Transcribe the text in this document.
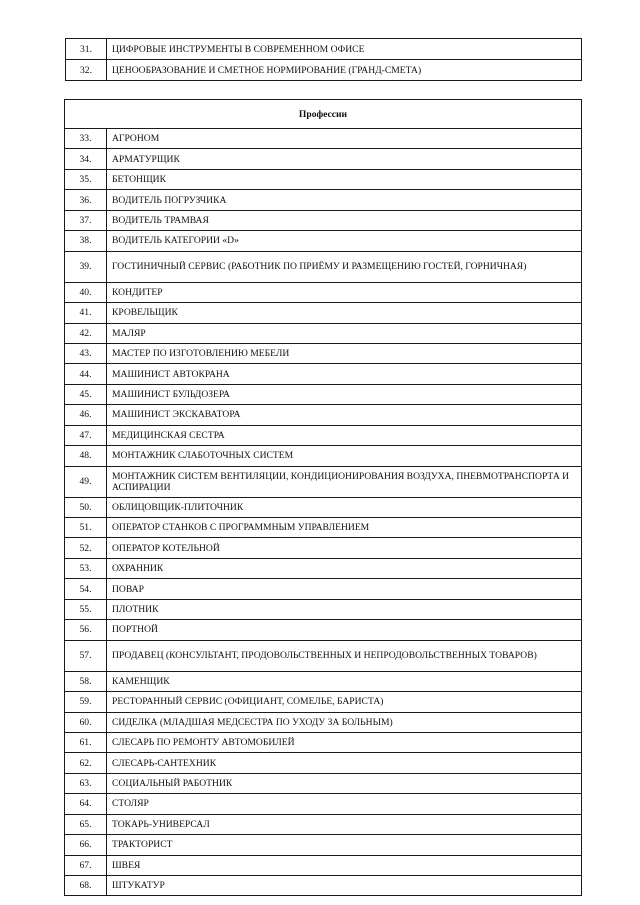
31.	ЦИФРОВЫЕ ИНСТРУМЕНТЫ В СОВРЕМЕННОМ ОФИСЕ
32.	ЦЕНООБРАЗОВАНИЕ И СМЕТНОЕ НОРМИРОВАНИЕ (ГРАНД-СМЕТА)
Профессии	
33.	АГРОНОМ
34.	АРМАТУРЩИК
35.	БЕТОНЩИК
36.	ВОДИТЕЛЬ ПОГРУЗЧИКА
37.	ВОДИТЕЛЬ ТРАМВАЯ
38.	ВОДИТЕЛЬ КАТЕГОРИИ «D»
39.	ГОСТИНИЧНЫЙ СЕРВИС (РАБОТНИК ПО ПРИЁМУ И РАЗМЕЩЕНИЮ ГОСТЕЙ, ГОРНИЧНАЯ)
40.	КОНДИТЕР
41.	КРОВЕЛЬЩИК
42.	МАЛЯР
43.	МАСТЕР ПО ИЗГОТОВЛЕНИЮ МЕБЕЛИ
44.	МАШИНИСТ АВТОКРАНА
45.	МАШИНИСТ БУЛЬДОЗЕРА
46.	МАШИНИСТ ЭКСКАВАТОРА
47.	МЕДИЦИНСКАЯ СЕСТРА
48.	МОНТАЖНИК СЛАБОТОЧНЫХ СИСТЕМ
49.	МОНТАЖНИК СИСТЕМ ВЕНТИЛЯЦИИ, КОНДИЦИОНИРОВАНИЯ ВОЗДУХА, ПНЕВМОТРАНСПОРТА И АСПИРАЦИИ
50.	ОБЛИЦОВЩИК-ПЛИТОЧНИК
51.	ОПЕРАТОР СТАНКОВ С ПРОГРАММНЫМ УПРАВЛЕНИЕМ
52.	ОПЕРАТОР КОТЕЛЬНОЙ
53.	ОХРАННИК
54.	ПОВАР
55.	ПЛОТНИК
56.	ПОРТНОЙ
57.	ПРОДАВЕЦ (КОНСУЛЬТАНТ, ПРОДОВОЛЬСТВЕННЫХ И НЕПРОДОВОЛЬСТВЕННЫХ ТОВАРОВ)
58.	КАМЕНЩИК
59.	РЕСТОРАННЫЙ СЕРВИС (ОФИЦИАНТ, СОМЕЛЬЕ, БАРИСТА)
60.	СИДЕЛКА (МЛАДШАЯ МЕДСЕСТРА ПО УХОДУ ЗА БОЛЬНЫМ)
61.	СЛЕСАРЬ ПО РЕМОНТУ АВТОМОБИЛЕЙ
62.	СЛЕСАРЬ-САНТЕХНИК
63.	СОЦИАЛЬНЫЙ РАБОТНИК
64.	СТОЛЯР
65.	ТОКАРЬ-УНИВЕРСАЛ
66.	ТРАКТОРИСТ
67.	ШВЕЯ
68.	ШТУКАТУР
